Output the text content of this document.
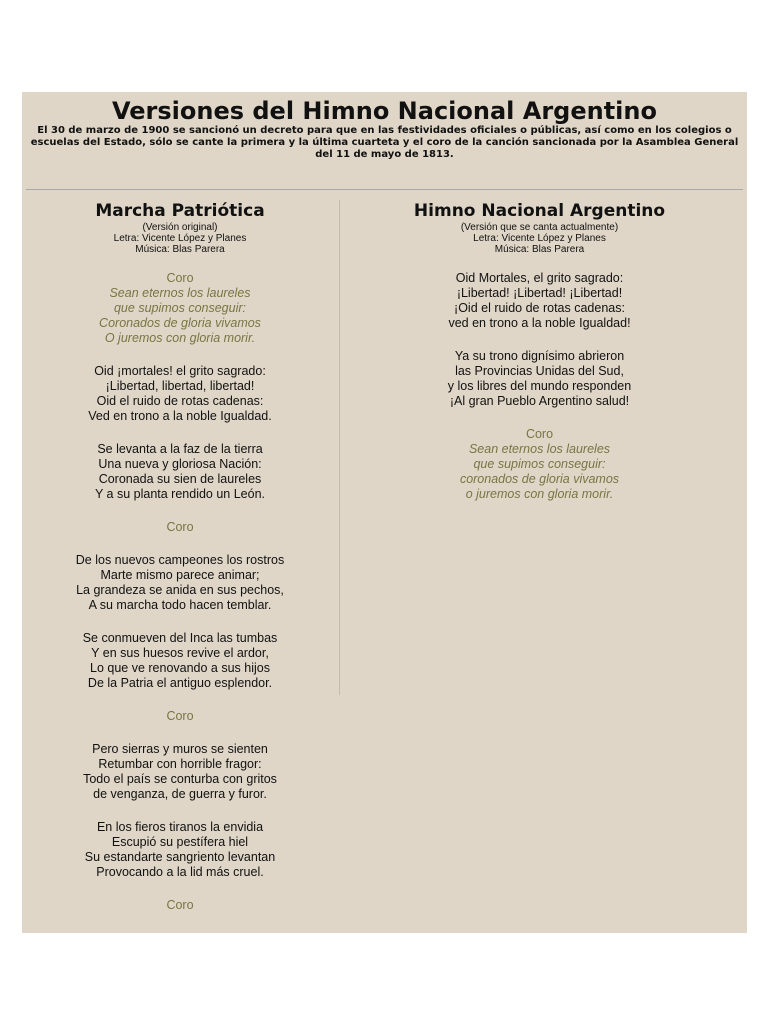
Versiones del Himno Nacional Argentino

El 30 de marzo de 1900 se sancionó un decreto para que en las festividades oficiales o públicas, así como en los colegios o escuelas del Estado, sólo se cante la primera y la última cuarteta y el coro de la canción sancionada por la Asamblea General del 11 de mayo de 1813.

Marcha Patriótica

(Versión original)

Letra: Vicente López y Planes

Música: Blas Parera

Coro
Sean eternos los laureles
que supimos conseguir:
Coronados de gloria vivamos
O juremos con gloria morir.
Oid ¡mortales! el grito sagrado:
¡Libertad, libertad, libertad!
Oid el ruido de rotas cadenas:
Ved en trono a la noble Igualdad.
Se levanta a la faz de la tierra
Una nueva y gloriosa Nación:
Coronada su sien de laureles
Y a su planta rendido un León.

Coro

De los nuevos campeones los rostros
Marte mismo parece animar;
La grandeza se anida en sus pechos,
A su marcha todo hacen temblar.
Se conmueven del Inca las tumbas
Y en sus huesos revive el ardor,
Lo que ve renovando a sus hijos
De la Patria el antiguo esplendor.

Coro

Pero sierras y muros se sienten
Retumbar con horrible fragor:
Todo el país se conturba con gritos
de venganza, de guerra y furor.
En los fieros tiranos la envidia
Escupió su pestífera hiel
Su estandarte sangriento levantan
Provocando a la lid más cruel.

Coro

Himno Nacional Argentino

(Versión que se canta actualmente)

Letra: Vicente López y Planes

Música: Blas Parera

Oid Mortales, el grito sagrado:
¡Libertad! ¡Libertad! ¡Libertad!
¡Oid el ruido de rotas cadenas:
ved en trono a la noble Igualdad!
Ya su trono dignísimo abrieron
las Provincias Unidas del Sud,
y los libres del mundo responden
¡Al gran Pueblo Argentino salud!
Coro
Sean eternos los laureles
que supimos conseguir:
coronados de gloria vivamos
o juremos con gloria morir.
